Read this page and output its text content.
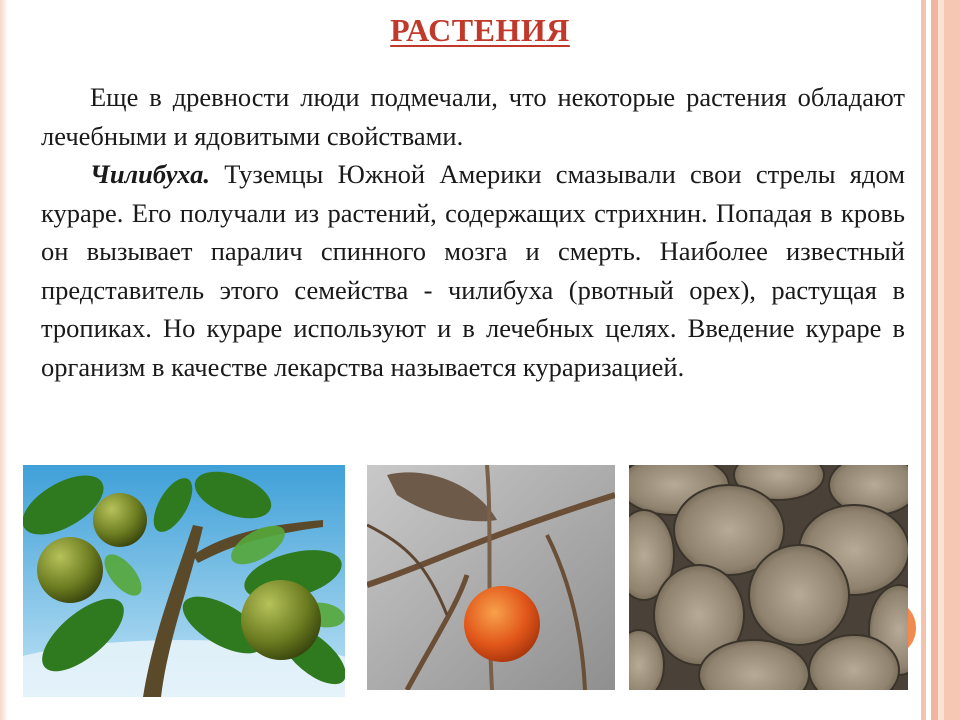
РАСТЕНИЯ

Еще в древности люди подмечали, что некоторые растения обладают лечебными и ядовитыми свойствами.

Чилибуха. Туземцы Южной Америки смазывали свои стрелы ядом кураре. Его получали из растений, содержащих стрихнин. Попадая в кровь он вызывает паралич спинного мозга и смерть. Наиболее известный представитель этого семейства - чилибуха (рвотный орех), растущая в тропиках. Но кураре используют и в лечебных целях. Введение кураре в организм в качестве лекарства называется кураризацией.
